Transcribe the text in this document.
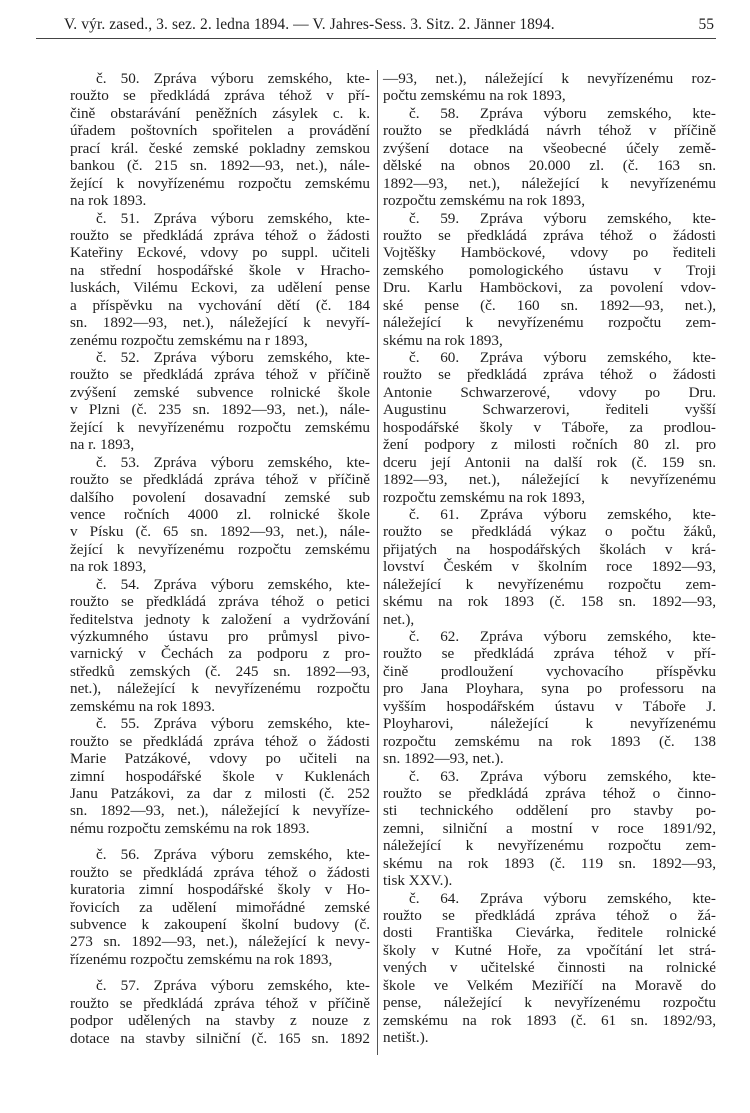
V. výr. zased., 3. sez. 2. ledna 1894. — V. Jahres-Sess. 3. Sitz. 2. Jänner 1894.	55
č. 50. Zpráva výboru zemského, kte-
roužto se předkládá zpráva téhož v pří-
čině obstarávání peněžních zásylek c. k.
úřadem poštovních spořitelen a provádění
prací král. české zemské pokladny zemskou
bankou (č. 215 sn. 1892—93, net.), nále-
žející k novyřízenému rozpočtu zemskému
na rok 1893.
č. 51. Zpráva výboru zemského, kte-
roužto se předkládá zpráva téhož o žádosti
Kateřiny Eckové, vdovy po suppl. učiteli
na střední hospodářské škole v Hracho-
luskách, Vilému Eckovi, za udělení pense
a příspěvku na vychování dětí (č. 184
sn. 1892—93, net.), náležející k nevyří-
zenému rozpočtu zemskému na r 1893,
č. 52. Zpráva výboru zemského, kte-
roužto se předkládá zpráva téhož v příčině
zvýšení zemské subvence rolnické škole
v Plzni (č. 235 sn. 1892—93, net.), nále-
žející k nevyřízenému rozpočtu zemskému
na r. 1893,
č. 53. Zpráva výboru zemského, kte-
roužto se předkládá zpráva téhož v příčině
dalšího povolení dosavadní zemské sub
vence ročních 4000 zl. rolnické škole
v Písku (č. 65 sn. 1892—93, net.), nále-
žející k nevyřízenému rozpočtu zemskému
na rok 1893,
č. 54. Zpráva výboru zemského, kte-
roužto se předkládá zpráva téhož o petici
ředitelstva jednoty k založení a vydržování
výzkumného ústavu pro průmysl pivo-
varnický v Čechách za podporu z pro-
středků zemských (č. 245 sn. 1892—93,
net.), náležející k nevyřízenému rozpočtu
zemskému na rok 1893.
č. 55. Zpráva výboru zemského, kte-
roužto se předkládá zpráva téhož o žádosti
Marie Patzákové, vdovy po učiteli na
zimní hospodářské škole v Kuklenách
Janu Patzákovi, za dar z milosti (č. 252
sn. 1892—93, net.), náležející k nevyříze-
nému rozpočtu zemskému na rok 1893.
č. 56. Zpráva výboru zemského, kte-
roužto se předkládá zpráva téhož o žádosti
kuratoria zimní hospodářské školy v Ho-
řovicích za udělení mimořádné zemské
subvence k zakoupení školní budovy (č.
273 sn. 1892—93, net.), náležející k nevy-
řízenému rozpočtu zemskému na rok 1893,
č. 57. Zpráva výboru zemského, kte-
roužto se předkládá zpráva téhož v příčině
podpor udělených na stavby z nouze z
dotace na stavby silniční (č. 165 sn. 1892
—93, net.), náležející k nevyřízenému roz-
počtu zemskému na rok 1893,
č. 58. Zpráva výboru zemského, kte-
roužto se předkládá návrh téhož v příčině
zvýšení dotace na všeobecné účely země-
dělské na obnos 20.000 zl. (č. 163 sn.
1892—93, net.), náležející k nevyřízenému
rozpočtu zemskému na rok 1893,
č. 59. Zpráva výboru zemského, kte-
roužto se předkládá zpráva téhož o žádosti
Vojtěšky Hamböckové, vdovy po řediteli
zemského pomologického ústavu v Troji
Dru. Karlu Hamböckovi, za povolení vdov-
ské pense (č. 160 sn. 1892—93, net.),
náležející k nevyřízenému rozpočtu zem-
skému na rok 1893,
č. 60. Zpráva výboru zemského, kte-
roužto se předkládá zpráva téhož o žádosti
Antonie Schwarzerové, vdovy po Dru.
Augustinu Schwarzerovi, řediteli vyšší
hospodářské školy v Táboře, za prodlou-
žení podpory z milosti ročních 80 zl. pro
dceru její Antonii na další rok (č. 159 sn.
1892—93, net.), náležející k nevyřízenému
rozpočtu zemskému na rok 1893,
č. 61. Zpráva výboru zemského, kte-
roužto se předkládá výkaz o počtu žáků,
přijatých na hospodářských školách v krá-
lovství Českém v školním roce 1892—93,
náležející k nevyřízenému rozpočtu zem-
skému na rok 1893 (č. 158 sn. 1892—93,
net.),
č. 62. Zpráva výboru zemského, kte-
roužto se předkládá zpráva téhož v pří-
čině prodloužení vychovacího příspěvku
pro Jana Ployhara, syna po professoru na
vyšším hospodářském ústavu v Táboře J.
Ployharovi, náležející k nevyřízenému
rozpočtu zemskému na rok 1893 (č. 138
sn. 1892—93, net.).
č. 63. Zpráva výboru zemského, kte-
roužto se předkládá zpráva téhož o činno-
sti technického oddělení pro stavby po-
zemni, silniční a mostní v roce 1891/92,
náležející k nevyřízenému rozpočtu zem-
skému na rok 1893 (č. 119 sn. 1892—93,
tisk XXV.).
č. 64. Zpráva výboru zemského, kte-
roužto se předkládá zpráva téhož o žá-
dosti Františka Cievárka, ředitele rolnické
školy v Kutné Hoře, za vpočítání let strá-
vených v učitelské činnosti na rolnické
škole ve Velkém Meziříčí na Moravě do
pense, náležející k nevyřízenému rozpočtu
zemskému na rok 1893 (č. 61 sn. 1892/93,
netišt.).
